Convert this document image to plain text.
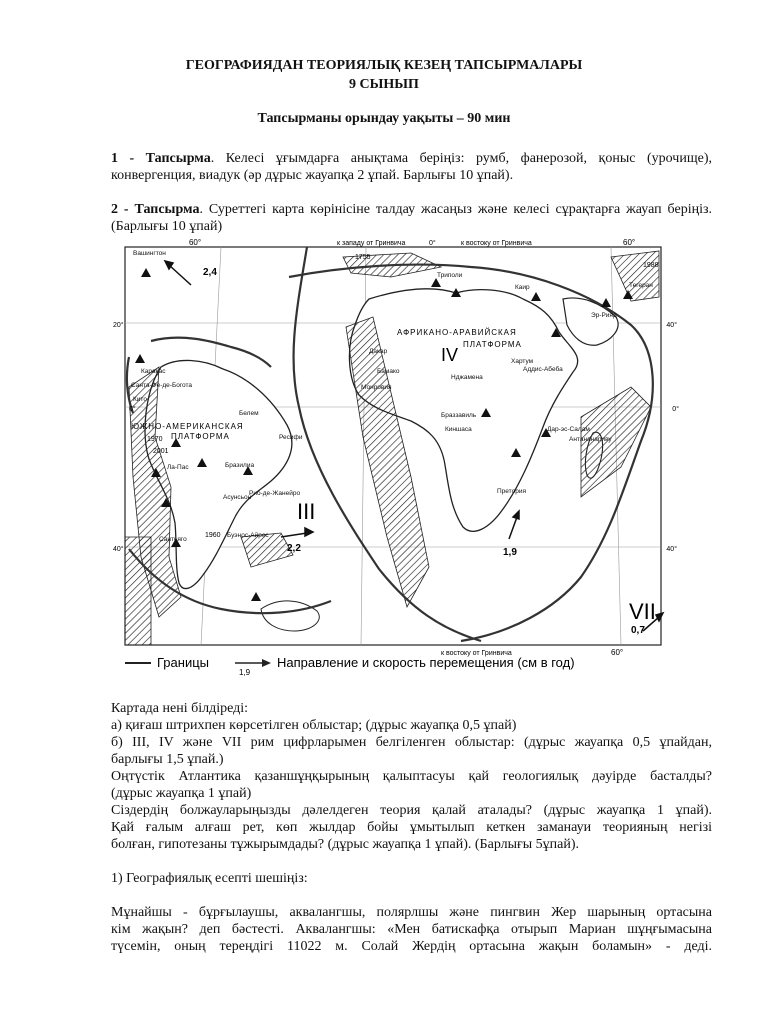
ГЕОГРАФИЯДАН ТЕОРИЯЛЫҚ КЕЗЕҢ ТАПСЫРМАЛАРЫ
9 СЫНЫП
Тапсырманы орындау уақыты – 90 мин
1 - Тапсырма. Келесі ұғымдарға анықтама беріңіз: румб, фанерозой, қоныс (урочище), конвергенция, виадук (әр дұрыс жауапқа 2 ұпай. Барлығы 10 ұпай).
2 - Тапсырма. Суреттегі карта көрінісіне талдау жасаңыз және келесі сұрақтарға жауап беріңіз. (Барлығы 10 ұпай)
60°	к западу от Гринвича	0°	к востоку от Гринвича	60°
20°
0°	0°
40°
40°
40°
к востоку от Гринвича	60°
1755
1988
1970
2001
1960
АФРИКАНО-АРАВИЙСКАЯ
ПЛАТФОРМА
ЮЖНО-АМЕРИКАНСКАЯ
ПЛАТФОРМА
III
IV
VII
2,4
2,2	1,9
0,7
Триполи
Каир
Хартум
Эр-Рияд
Тегеран
Дакар
Бамако
Нджамена
Аддис-Абеба
Монровия
Браззавиль
Киншаса	Дар-эс-Салам
Антананариву
Претория
Каракас
Санта-Фе-де-Богота
Кито
Белем
Ресифи
Бразилиа
Ла-Пас
Рио-де-Жанейро
Асунсьон
Сантьяго
Буэнос-Айрес
Вашингтон
Границы
1,9
Направление и скорость перемещения (см в год)
Картада нені білдіреді:
а) қиғаш штрихпен көрсетілген облыстар; (дұрыс жауапқа 0,5 ұпай)
б) III, IV және VII рим цифрларымен белгіленген облыстар: (дұрыс жауапқа 0,5 ұпайдан,
барлығы 1,5 ұпай.)
Оңтүстік Атлантика қазаншұңқырының қалыптасуы қай геологиялық дәуірде басталды?
(дұрыс жауапқа 1 ұпай)
Сіздердің болжауларыңызды дәлелдеген теория қалай аталады? (дұрыс жауапқа 1 ұпай).
Қай ғалым алғаш рет, көп жылдар бойы ұмытылып кеткен заманауи теорияның негізі
болған, гипотезаны тұжырымдады? (дұрыс жауапқа 1 ұпай). (Барлығы 5ұпай).
1) Географиялық есепті шешіңіз:
Мұнайшы - бұрғылаушы, аквалангшы, полярлшы және пингвин Жер шарының ортасына
кім жақын? деп бәстесті. Аквалангшы: «Мен батискафқа отырып Мариан шұңғымасына
түсемін, оның тереңдігі 11022 м. Солай Жердің ортасына жақын боламын» - деді.
